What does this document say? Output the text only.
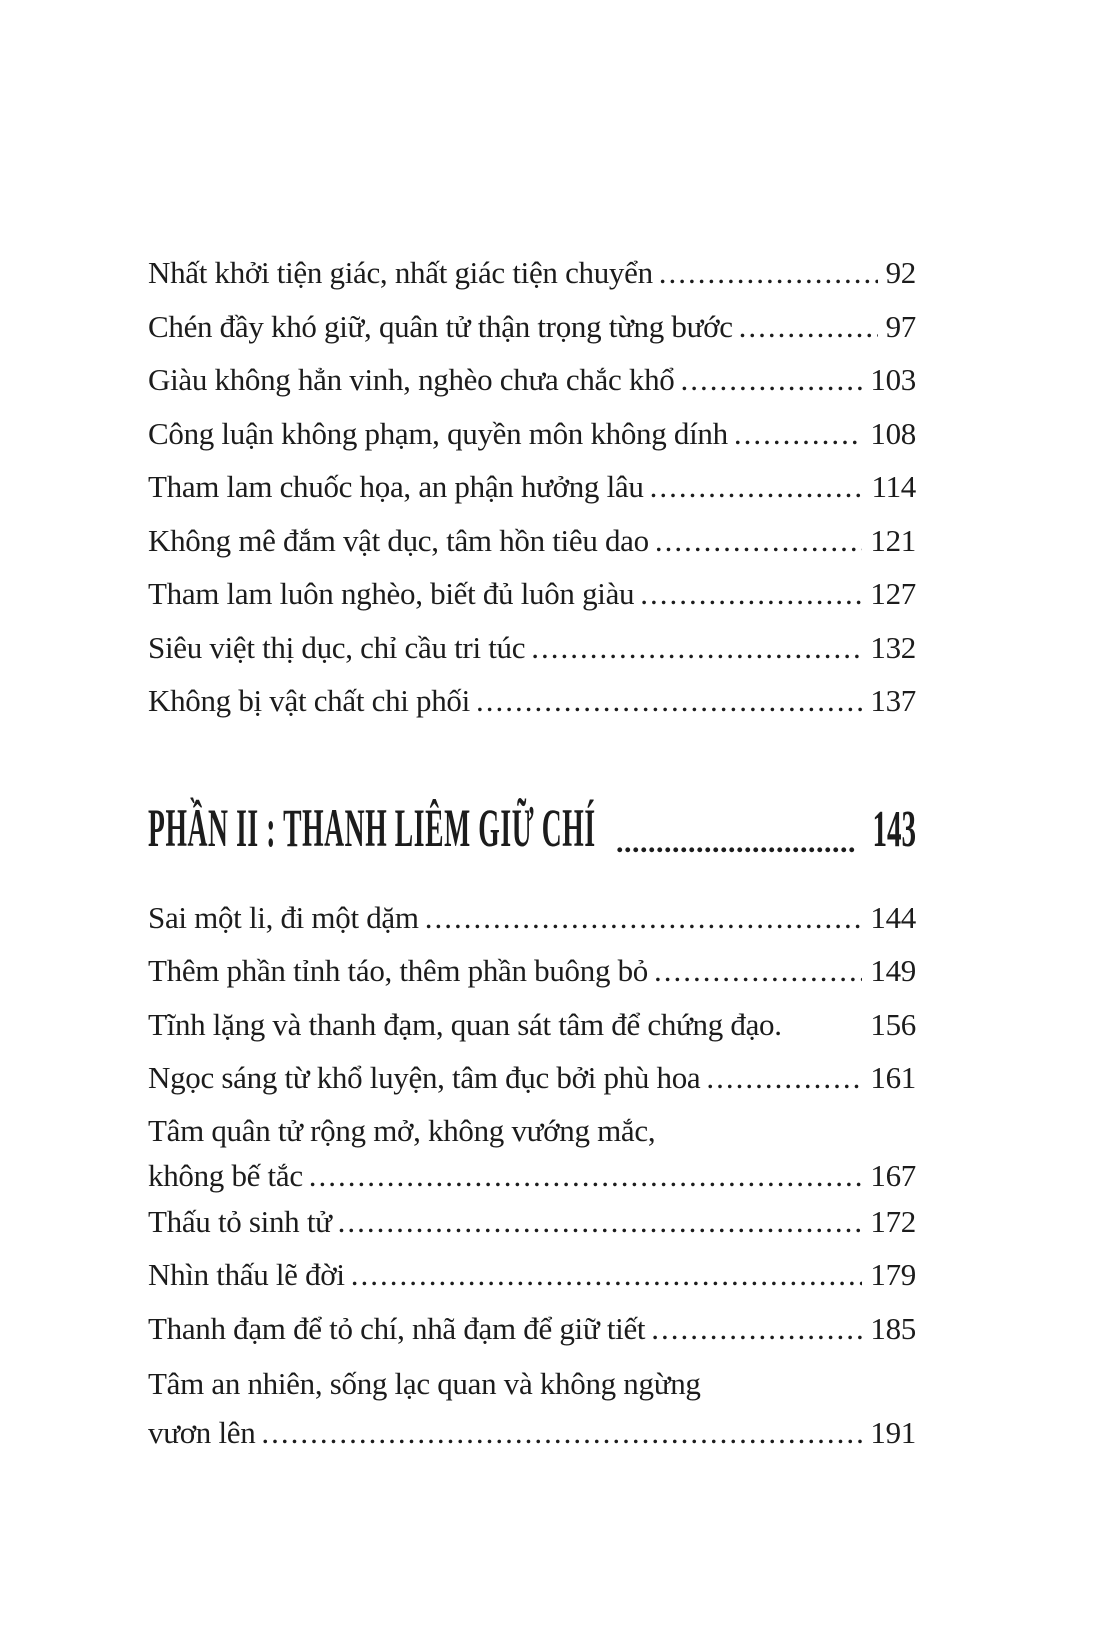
Nhất khởi tiện giác, nhất giác tiện chuyển .....	92
Chén đầy khó giữ, quân tử thận trọng từng bước .....	97
Giàu không hẳn vinh, nghèo chưa chắc khổ .....	103
Công luận không phạm, quyền môn không dính .....	108
Tham lam chuốc họa, an phận hưởng lâu .....	114
Không mê đắm vật dục, tâm hồn tiêu dao .....	121
Tham lam luôn nghèo, biết đủ luôn giàu .....	127
Siêu việt thị dục, chỉ cầu tri túc .....	132
Không bị vật chất chi phối .....	137
PHẦN II : THANH LIÊM GIỮ CHÍ .....	143
Sai một li, đi một dặm .....	144
Thêm phần tỉnh táo, thêm phần buông bỏ .....	149
Tĩnh lặng và thanh đạm, quan sát tâm để chứng đạo.	156
Ngọc sáng từ khổ luyện, tâm đục bởi phù hoa .....	161
Tâm quân tử rộng mở, không vướng mắc,
không bế tắc .....	167
Thấu tỏ sinh tử .....	172
Nhìn thấu lẽ đời .....	179
Thanh đạm để tỏ chí, nhã đạm để giữ tiết .....	185
Tâm an nhiên, sống lạc quan và không ngừng
vươn lên .....	191
